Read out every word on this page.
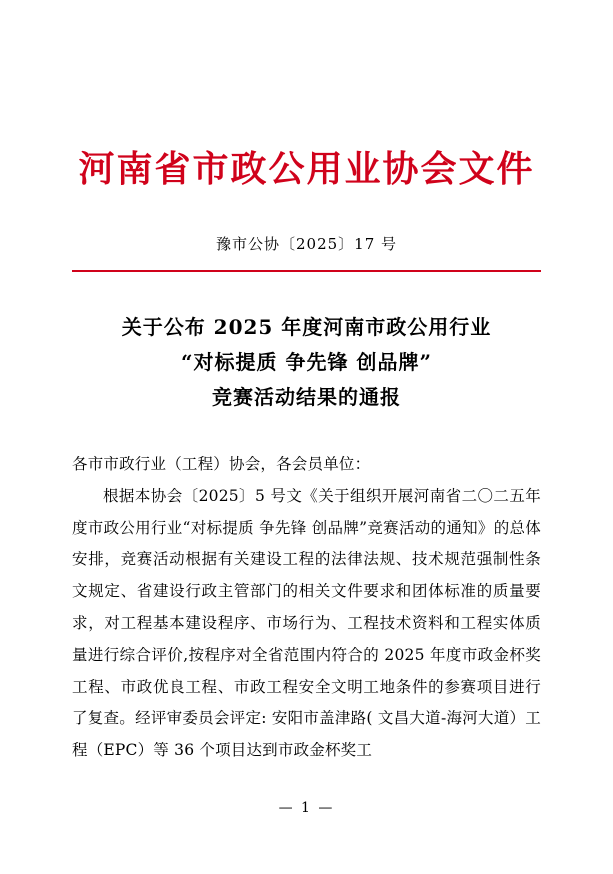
河南省市政公用业协会文件
豫市公协〔2025〕17 号
关于公布 2025 年度河南市政公用行业
“对标提质 争先锋 创品牌”
竞赛活动结果的通报

各市市政行业（工程）协会，各会员单位：

根据本协会〔2025〕5 号文《关于组织开展河南省二〇二五年度市政公用行业“对标提质 争先锋 创品牌”竞赛活动的通知》的总体安排，竞赛活动根据有关建设工程的法律法规、技术规范强制性条文规定、省建设行政主管部门的相关文件要求和团体标准的质量要求，对工程基本建设程序、市场行为、工程技术资料和工程实体质量进行综合评价,按程序对全省范围内符合的 2025 年度市政金杯奖工程、市政优良工程、市政工程安全文明工地条件的参赛项目进行了复查。经评审委员会评定: 安阳市盖津路( 文昌大道-海河大道）工程（EPC）等 36 个项目达到市政金杯奖工

— 1 —
